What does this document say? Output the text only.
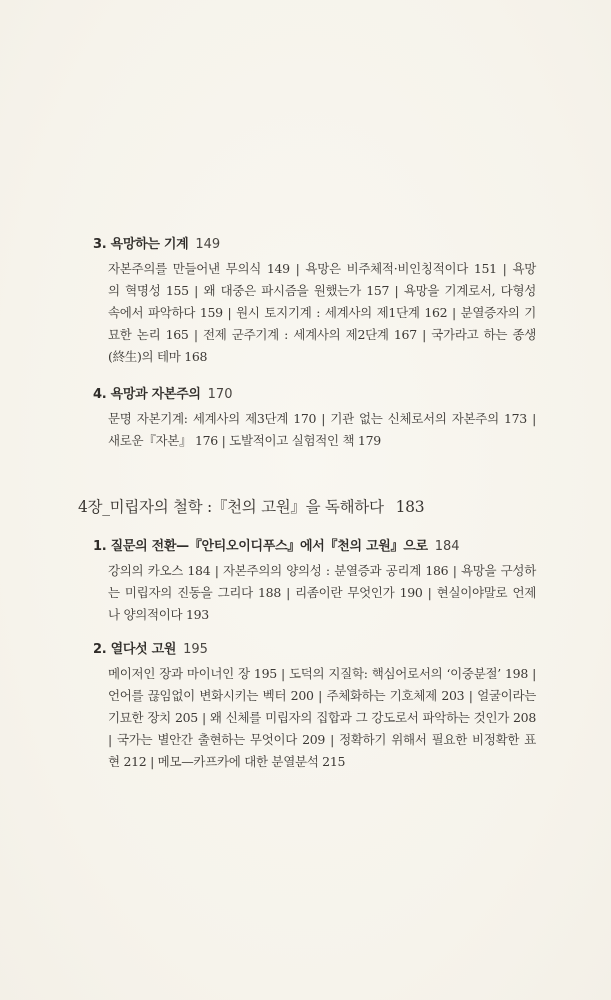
3. 욕망하는 기계 149
자본주의를 만들어낸 무의식 149 | 욕망은 비주체적·비인칭적이다 151 | 욕망
의 혁명성 155 | 왜 대중은 파시즘을 원했는가 157 | 욕망을 기계로서, 다형성
속에서 파악하다 159 | 원시 토지기계 : 세계사의 제1단계 162 | 분열증자의 기
묘한 논리 165 | 전제 군주기계 : 세계사의 제2단계 167 | 국가라고 하는 종생
(終生)의 테마 168
4. 욕망과 자본주의 170
문명 자본기계: 세계사의 제3단계 170 | 기관 없는 신체로서의 자본주의 173 |
새로운『자본』 176 | 도발적이고 실험적인 책 179
4장_미립자의 철학 :『천의 고원』을 독해하다 183
1. 질문의 전환—『안티오이디푸스』에서『천의 고원』으로 184
강의의 카오스 184 | 자본주의의 양의성 : 분열증과 공리계 186 | 욕망을 구성하
는 미립자의 진동을 그리다 188 | 리좀이란 무엇인가 190 | 현실이야말로 언제
나 양의적이다 193
2. 열다섯 고원 195
메이저인 장과 마이너인 장 195 | 도덕의 지질학: 핵심어로서의 ‘이중분절’ 198 |
언어를 끊임없이 변화시키는 벡터 200 | 주체화하는 기호체제 203 | 얼굴이라는
기묘한 장치 205 | 왜 신체를 미립자의 집합과 그 강도로서 파악하는 것인가 208
| 국가는 별안간 출현하는 무엇이다 209 | 정확하기 위해서 필요한 비정확한 표
현 212 | 메모—카프카에 대한 분열분석 215
